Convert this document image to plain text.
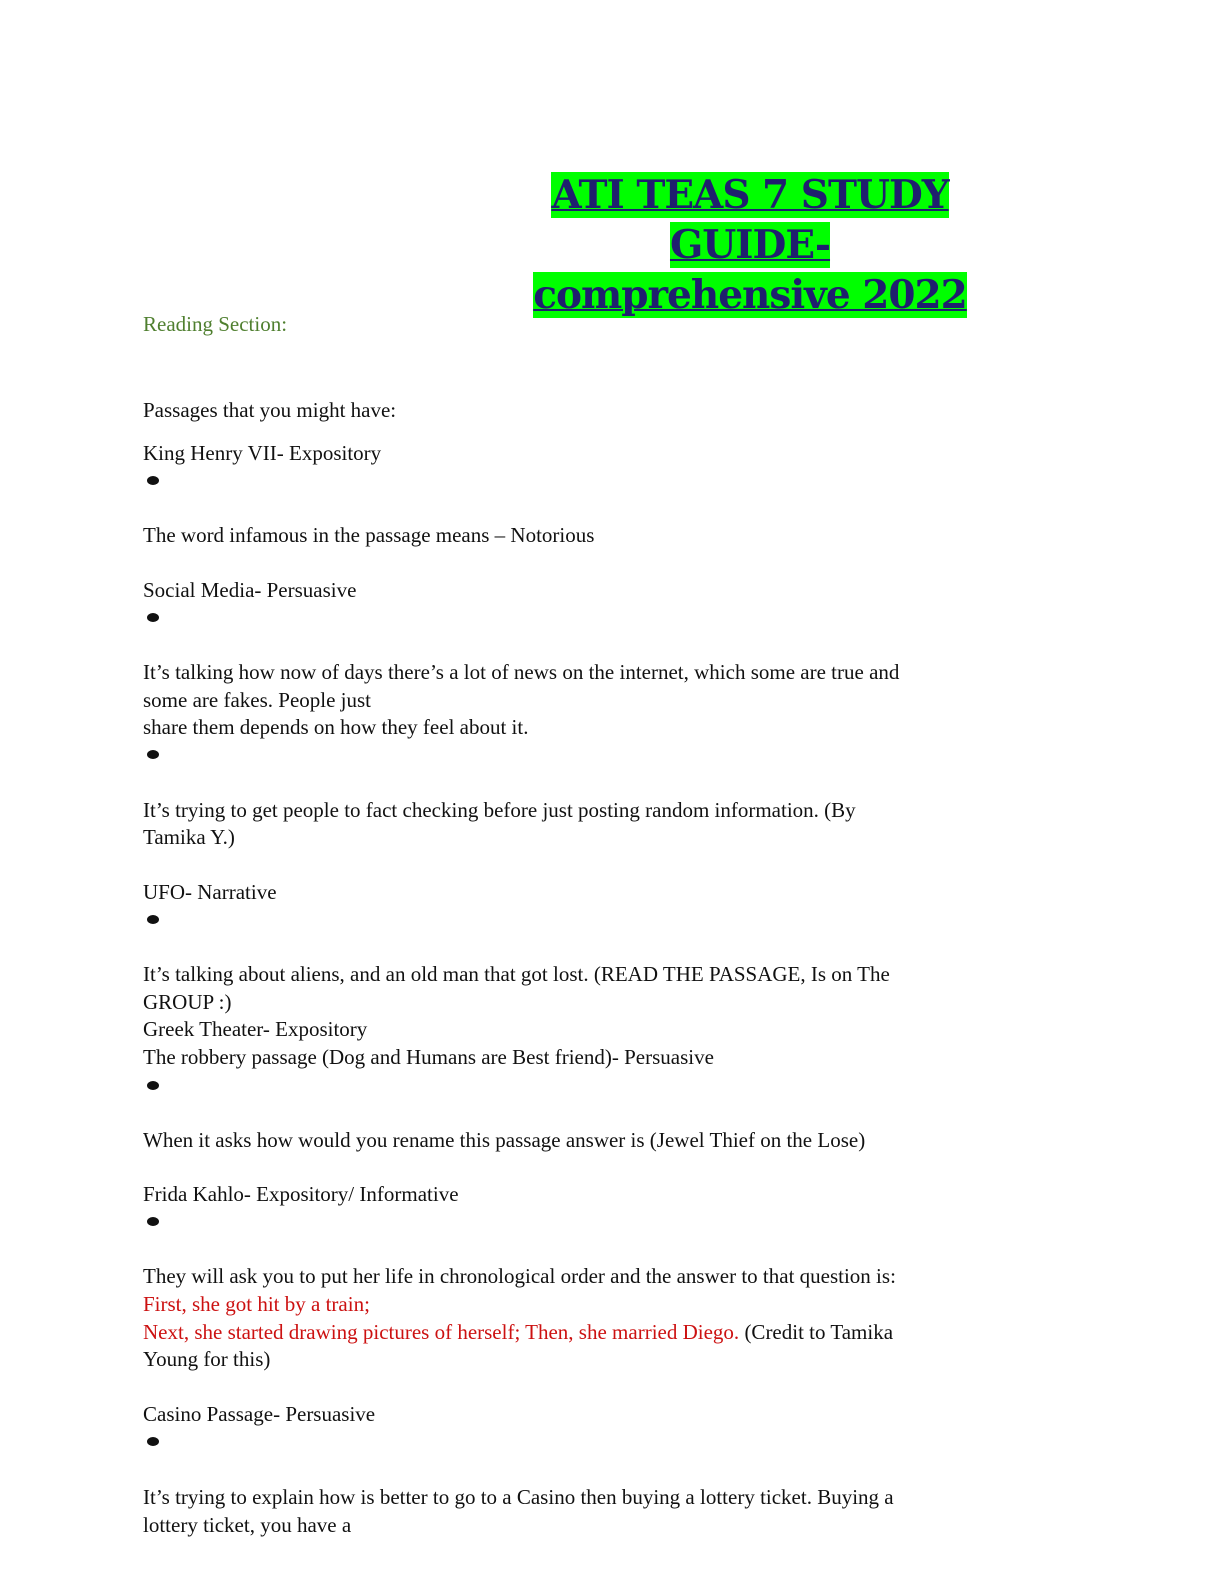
ATI TEAS 7 STUDY GUIDE-
comprehensive 2022
Reading Section:
Passages that you might have:
King Henry VII- Expository
The word infamous in the passage means – Notorious
Social Media- Persuasive
It’s talking how now of days there’s a lot of news on the internet, which some are true and
some are fakes. People just
share them depends on how they feel about it.
It’s trying to get people to fact checking before just posting random information. (By
Tamika Y.)
UFO- Narrative
It’s talking about aliens, and an old man that got lost. (READ THE PASSAGE, Is on The
GROUP :)
Greek Theater- Expository
The robbery passage (Dog and Humans are Best friend)- Persuasive
When it asks how would you rename this passage answer is (Jewel Thief on the Lose)
Frida Kahlo- Expository/ Informative
They will ask you to put her life in chronological order and the answer to that question is:
First, she got hit by a train;
Next, she started drawing pictures of herself; Then, she married Diego. (Credit to Tamika
Young for this)
Casino Passage- Persuasive
It’s trying to explain how is better to go to a Casino then buying a lottery ticket. Buying a
lottery ticket, you have a
